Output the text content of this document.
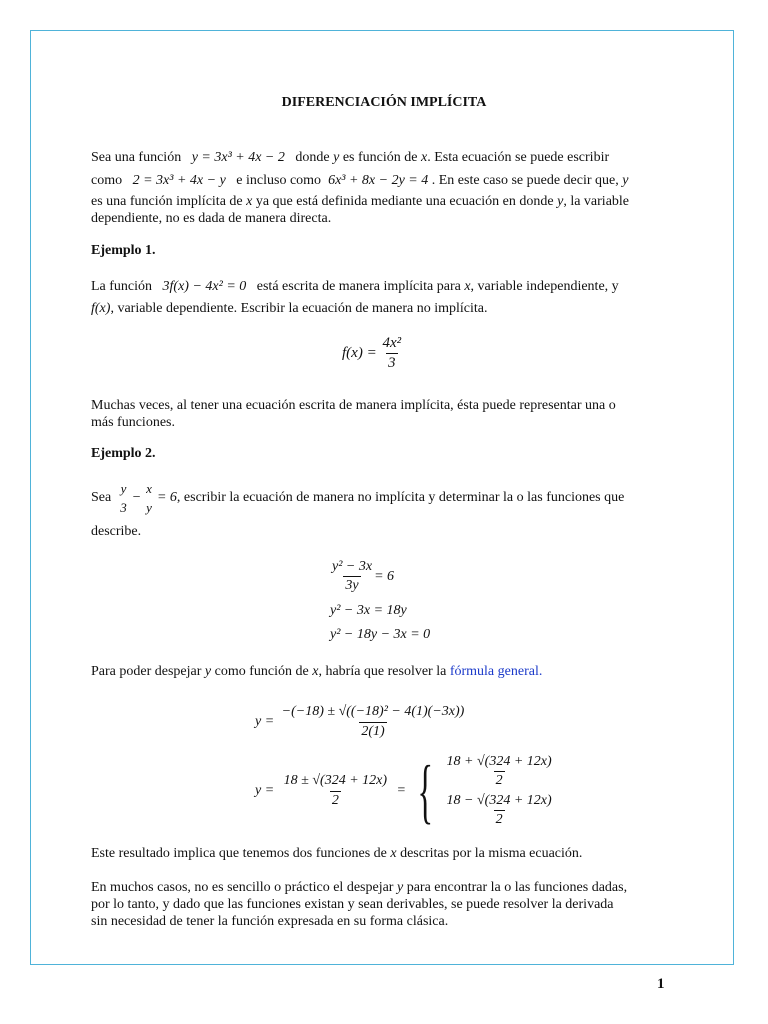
DIFERENCIACIÓN IMPLÍCITA
Sea una función y = 3x³ + 4x − 2 donde y es función de x. Esta ecuación se puede escribir
como 2 = 3x³ + 4x − y e incluso como 6x³ + 8x − 2y = 4 . En este caso se puede decir que, y
es una función implícita de x ya que está definida mediante una ecuación en donde y, la variable
dependiente, no es dada de manera directa.
Ejemplo 1.
La función 3f(x) − 4x² = 0 está escrita de manera implícita para x, variable independiente, y
f(x), variable dependiente. Escribir la ecuación de manera no implícita.
$f(x) = \frac{\text{4x²}}{3}$
Muchas veces, al tener una ecuación escrita de manera implícita, ésta puede representar una o
más funciones.
Ejemplo 2.
Sea

y
3
−
x
y
= 6 , escribir la ecuación de manera no implícita y determinar la o las funciones que
describe.
$\frac{\text{y² − 3x}}{3y} = 6$
y² − 3x = 18y
y² − 18y − 3x = 0
Para poder despejar y como función de x, habría que resolver la fórmula general.
y =
$\frac{\text{−(−18) ± √((−18)² − 4(1)(−3x))}}{2(1)}$
y =
$\frac{18 \pm √(324 + 12x)}{2}$
= { $\frac{18 + √(324 + 12x)}{2}$
$\frac{18 - √(324 + 12x)}{2}$
Este resultado implica que tenemos dos funciones de x descritas por la misma ecuación.
En muchos casos, no es sencillo o práctico el despejar y para encontrar la o las funciones dadas,
por lo tanto, y dado que las funciones existan y sean derivables, se puede resolver la derivada
sin necesidad de tener la función expresada en su forma clásica.
1
